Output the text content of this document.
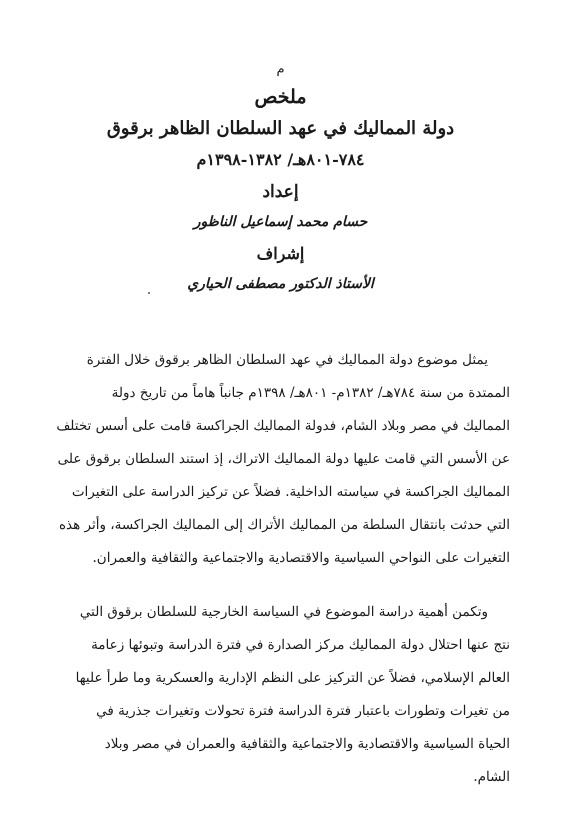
م
ملخص
دولة المماليك في عهد السلطان الظاهر برقوق
٧٨٤-٨٠١هـ/ ١٣٨٢-١٣٩٨م
إعداد
حسام محمد إسماعيل الناظور
إشراف
الأستاذ الدكتور مصطفى الحياري
يمثل موضوع دولة المماليك في عهد السلطان الظاهر برقوق خلال الفترة
الممتدة من سنة ٧٨٤هـ/ ١٣٨٢م- ٨٠١هـ/ ١٣٩٨م جانباً هاماً من تاريخ دولة
المماليك في مصر وبلاد الشام، فدولة المماليك الجراكسة قامت على أسس تختلف
عن الأسس التي قامت عليها دولة المماليك الاتراك، إذ استند السلطان برقوق على
المماليك الجراكسة في سياسته الداخلية. فضلاً عن تركيز الدراسة على التغيرات
التي حدثت بانتقال السلطة من المماليك الأتراك إلى المماليك الجراكسة، وأثر هذه
التغيرات على النواحي السياسية والاقتصادية والاجتماعية والثقافية والعمران.
وتكمن أهمية دراسة الموضوع في السياسة الخارجية للسلطان برقوق التي
نتج عنها احتلال دولة المماليك مركز الصدارة في فترة الدراسة وتبوئها زعامة
العالم الإسلامي، فضلاً عن التركيز على النظم الإدارية والعسكرية وما طرأ عليها
من تغيرات وتطورات باعتبار فترة الدراسة فترة تحولات وتغيرات جذرية في
الحياة السياسية والاقتصادية والاجتماعية والثقافية والعمران في مصر وبلاد
الشام.
